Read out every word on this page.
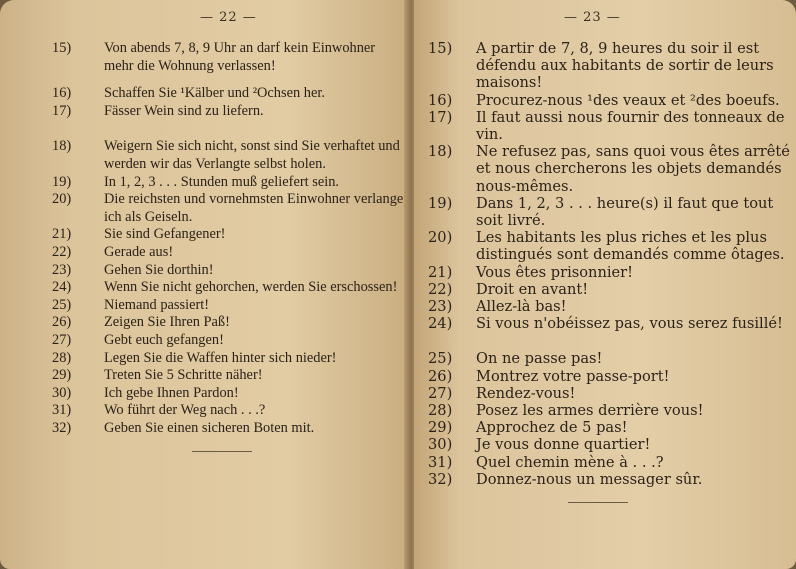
— 22 —
15)	Von abends 7, 8, 9 Uhr an darf kein Einwohner mehr die Wohnung verlassen!
16)	Schaffen Sie ¹Kälber und ²Ochsen her.
17)	Fässer Wein sind zu liefern.
18)	Weigern Sie sich nicht, sonst sind Sie verhaftet und werden wir das Verlangte selbst holen.
19)	In 1, 2, 3 . . . Stunden muß geliefert sein.
20)	Die reichsten und vornehmsten Einwohner verlange ich als Geiseln.
21)	Sie sind Gefangener!
22)	Gerade aus!
23)	Gehen Sie dorthin!
24)	Wenn Sie nicht gehorchen, werden Sie erschossen!
25)	Niemand passiert!
26)	Zeigen Sie Ihren Paß!
27)	Gebt euch gefangen!
28)	Legen Sie die Waffen hinter sich nieder!
29)	Treten Sie 5 Schritte näher!
30)	Ich gebe Ihnen Pardon!
31)	Wo führt der Weg nach . . .?
32)	Geben Sie einen sicheren Boten mit.
— 23 —
15)	A partir de 7, 8, 9 heures du soir il est défendu aux habitants de sortir de leurs maisons!
16)	Procurez-nous ¹des veaux et ²des boeufs.
17)	Il faut aussi nous fournir des tonneaux de vin.
18)	Ne refusez pas, sans quoi vous êtes arrêté et nous chercherons les objets demandés nous-mêmes.
19)	Dans 1, 2, 3 . . . heure(s) il faut que tout soit livré.
20)	Les habitants les plus riches et les plus distingués sont demandés comme ôtages.
21)	Vous êtes prisonnier!
22)	Droit en avant!
23)	Allez-là bas!
24)	Si vous n'obéissez pas, vous serez fusillé!
25)	On ne passe pas!
26)	Montrez votre passe-port!
27)	Rendez-vous!
28)	Posez les armes derrière vous!
29)	Approchez de 5 pas!
30)	Je vous donne quartier!
31)	Quel chemin mène à . . .?
32)	Donnez-nous un messager sûr.
